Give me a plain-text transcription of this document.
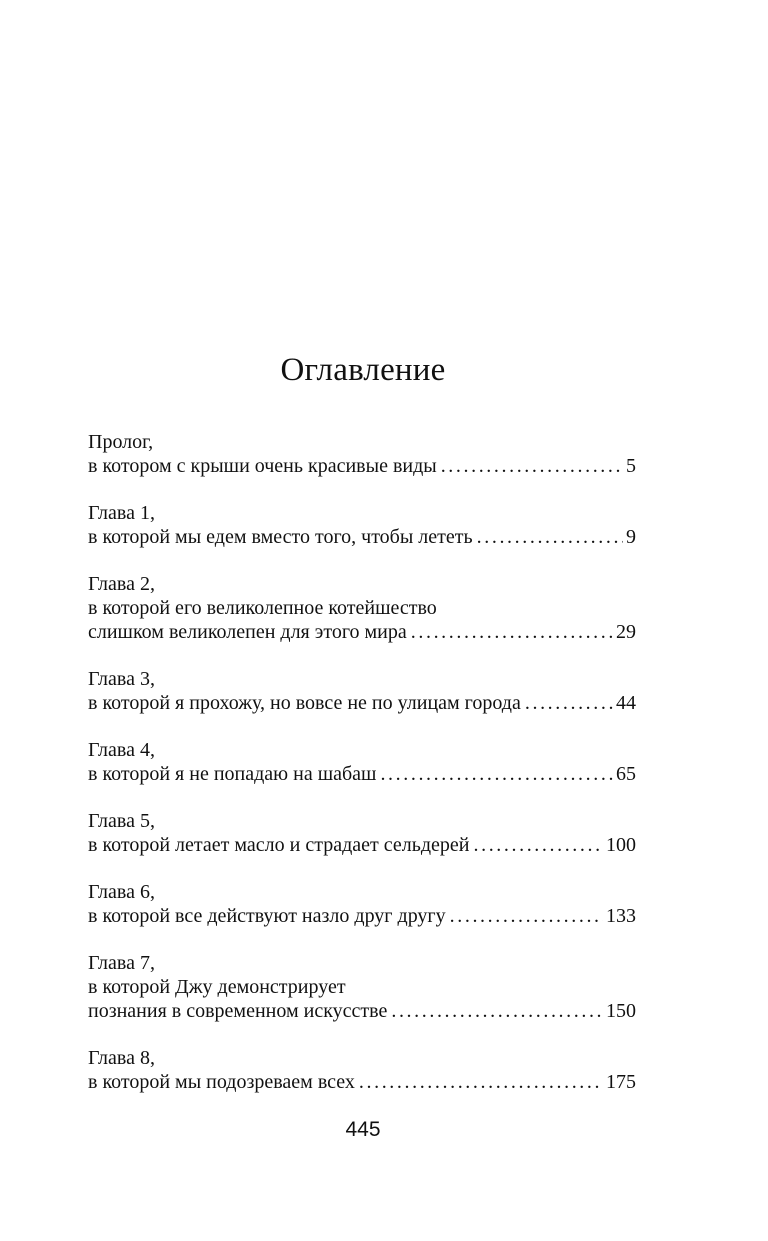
Оглавление
Пролог,
в котором с крыши очень красивые виды . . .	5
Глава 1,
в которой мы едем вместо того, чтобы лететь . . .	9
Глава 2,
в которой его великолепное котейшество
слишком великолепен для этого мира . . .	29
Глава 3,
в которой я прохожу, но вовсе не по улицам города . . .	44
Глава 4,
в которой я не попадаю на шабаш . . .	65
Глава 5,
в которой летает масло и страдает сельдерей . . .	100
Глава 6,
в которой все действуют назло друг другу . . .	133
Глава 7,
в которой Джу демонстрирует
познания в современном искусстве . . .	150
Глава 8,
в которой мы подозреваем всех . . .	175
445
